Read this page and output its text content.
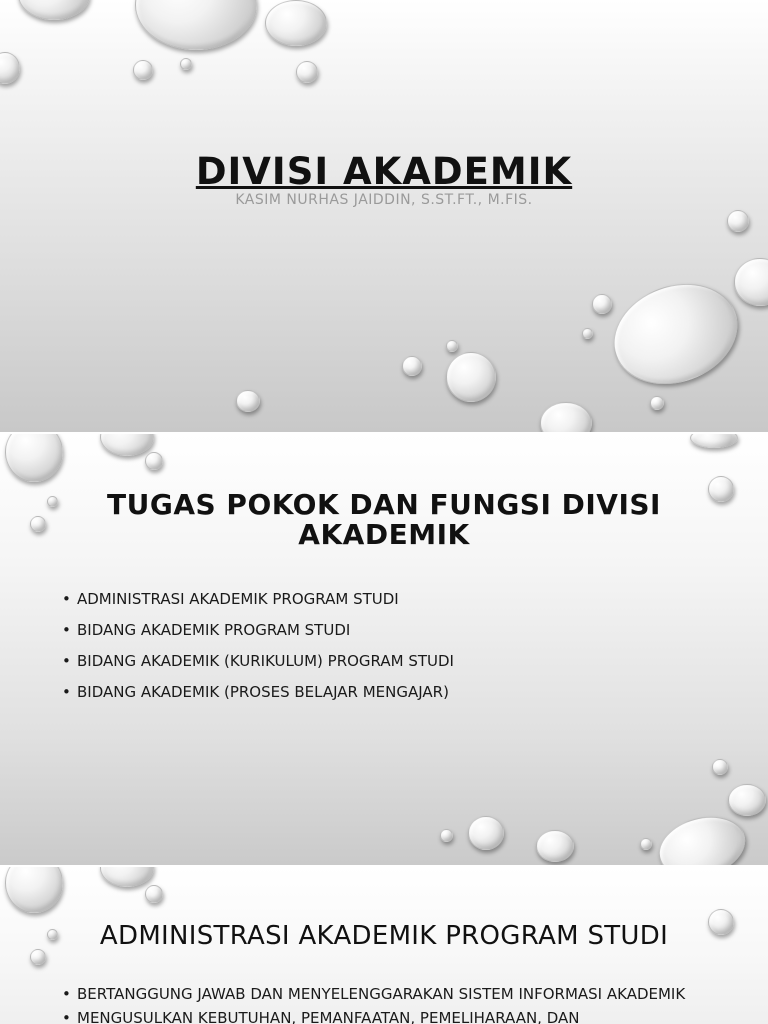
DIVISI AKADEMIK
KASIM NURHAS JAIDDIN, S.ST.FT., M.FIS.
TUGAS POKOK DAN FUNGSI DIVISI AKADEMIK
• ADMINISTRASI AKADEMIK PROGRAM STUDI
• BIDANG AKADEMIK PROGRAM STUDI
• BIDANG AKADEMIK (KURIKULUM) PROGRAM STUDI
• BIDANG AKADEMIK (PROSES BELAJAR MENGAJAR)
ADMINISTRASI AKADEMIK PROGRAM STUDI
• BERTANGGUNG JAWAB DAN MENYELENGGARAKAN SISTEM INFORMASI AKADEMIK
• MENGUSULKAN KEBUTUHAN, PEMANFAATAN, PEMELIHARAAN, DAN
